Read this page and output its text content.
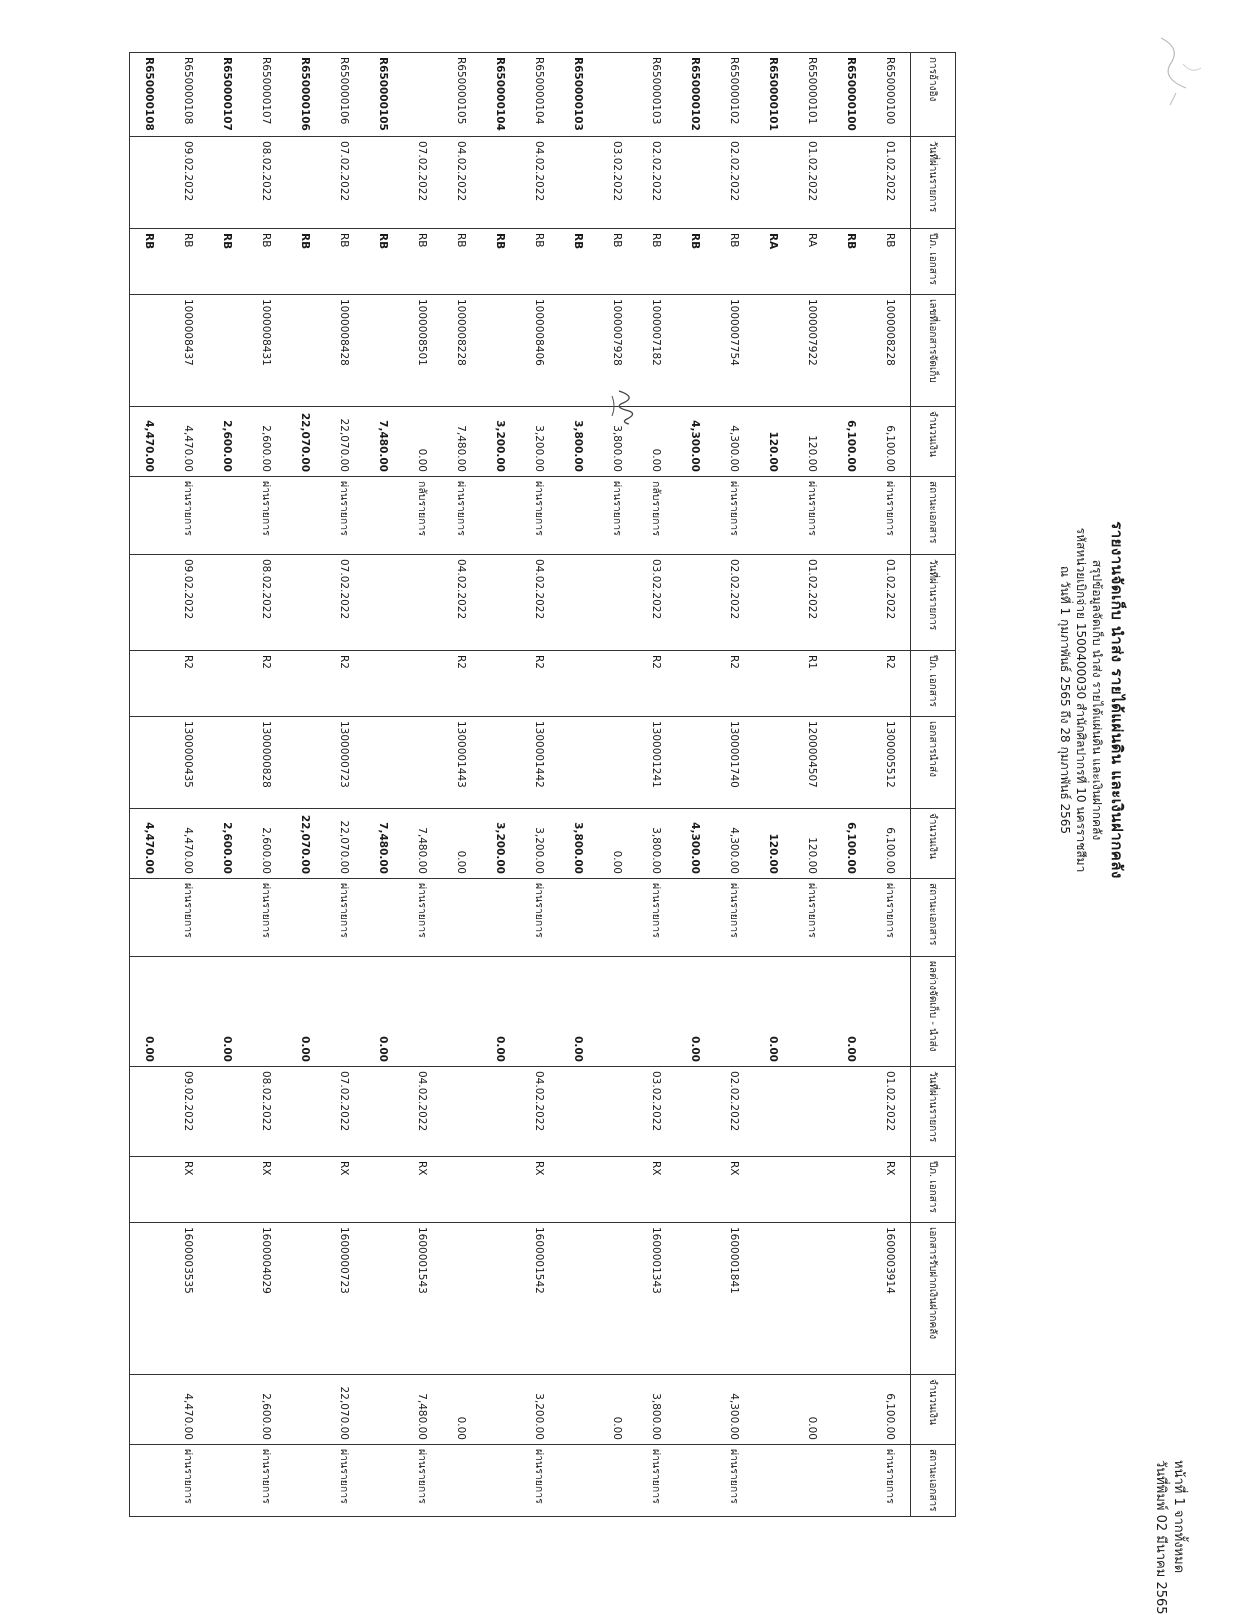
หน้าที่ 1 จากทั้งหมด
วันที่พิมพ์ 02 มีนาคม 2565
รายงานจัดเก็บ นำส่ง รายได้แผ่นดิน และเงินฝากคลัง
สรุปข้อมูลจัดเก็บ นำส่ง รายได้แผ่นดิน และเงินฝากคลัง
รหัสหน่วยเบิกจ่าย 1500400030 สำนักศิลปากรที่ 10 นครราชสีมา
ณ วันที่ 1 กุมภาพันธ์ 2565 ถึง 28 กุมภาพันธ์ 2565
การอ้างอิง	วันที่ผ่านรายการ	ปีภ. เอกสาร	เลขที่เอกสารจัดเก็บ	จำนวนเงิน	สถานะเอกสาร	วันที่ผ่านรายการ	ปีภ. เอกสาร	เอกสารนำส่ง	จำนวนเงิน	สถานะเอกสาร	ผลต่างจัดเก็บ - นำส่ง	วันที่ผ่านรายการ	ปีภ. เอกสาร	เอกสารรับฝากเงินฝากคลัง	จำนวนเงิน	สถานะเอกสาร
R650000100	01.02.2022	RB	1000008228	6,100.00	ผ่านรายการ	01.02.2022	R2	1300005512	6,100.00	ผ่านรายการ		01.02.2022	RX	1600003914	6,100.00	ผ่านรายการ
R650000100		RB		6,100.00					6,100.00		0.00					
R650000101	01.02.2022	RA	1000007922	120.00	ผ่านรายการ	01.02.2022	R1	1200004507	120.00	ผ่านรายการ					0.00	
R650000101		RA		120.00					120.00		0.00					
R650000102	02.02.2022	RB	1000007754	4,300.00	ผ่านรายการ	02.02.2022	R2	1300001740	4,300.00	ผ่านรายการ		02.02.2022	RX	1600001841	4,300.00	ผ่านรายการ
R650000102		RB		4,300.00					4,300.00		0.00					
R650000103	02.02.2022	RB	1000007182	0.00	กลับรายการ	03.02.2022	R2	1300001241	3,800.00	ผ่านรายการ		03.02.2022	RX	1600001343	3,800.00	ผ่านรายการ
	03.02.2022	RB	1000007928	3,800.00	ผ่านรายการ				0.00						0.00	
R650000103		RB		3,800.00					3,800.00		0.00					
R650000104	04.02.2022	RB	1000008406	3,200.00	ผ่านรายการ	04.02.2022	R2	1300001442	3,200.00	ผ่านรายการ		04.02.2022	RX	1600001542	3,200.00	ผ่านรายการ
R650000104		RB		3,200.00					3,200.00		0.00					
R650000105	04.02.2022	RB	1000008228	7,480.00	ผ่านรายการ	04.02.2022	R2	1300001443	0.00						0.00	
	07.02.2022	RB	1000008501	0.00	กลับรายการ				7,480.00	ผ่านรายการ		04.02.2022	RX	1600001543	7,480.00	ผ่านรายการ
R650000105		RB		7,480.00					7,480.00		0.00					
R650000106	07.02.2022	RB	1000008428	22,070.00	ผ่านรายการ	07.02.2022	R2	1300000723	22,070.00	ผ่านรายการ		07.02.2022	RX	1600000723	22,070.00	ผ่านรายการ
R650000106		RB		22,070.00					22,070.00		0.00					
R650000107	08.02.2022	RB	1000008431	2,600.00	ผ่านรายการ	08.02.2022	R2	1300000828	2,600.00	ผ่านรายการ		08.02.2022	RX	1600004029	2,600.00	ผ่านรายการ
R650000107		RB		2,600.00					2,600.00		0.00					
R650000108	09.02.2022	RB	1000008437	4,470.00	ผ่านรายการ	09.02.2022	R2	1300000435	4,470.00	ผ่านรายการ		09.02.2022	RX	1600003535	4,470.00	ผ่านรายการ
R650000108		RB		4,470.00					4,470.00		0.00					
